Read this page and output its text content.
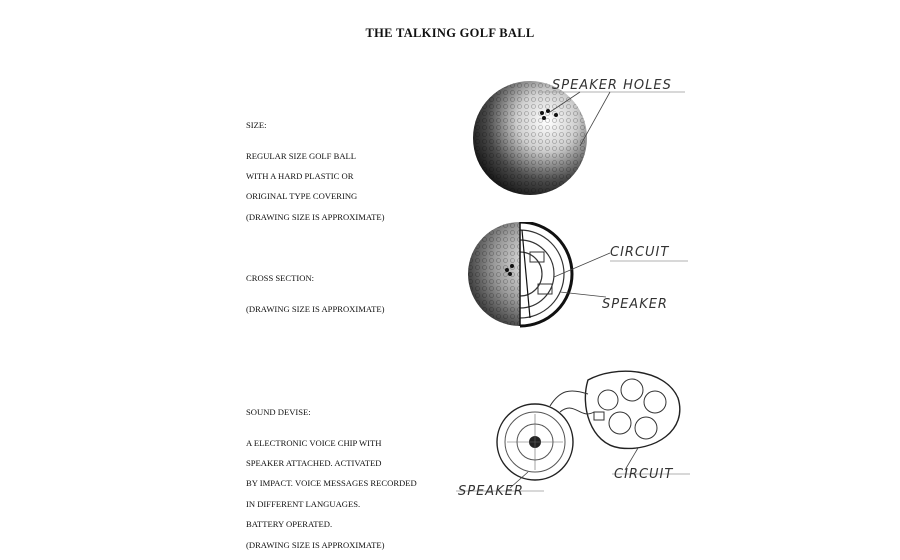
THE TALKING GOLF BALL

SIZE:

REGULAR SIZE GOLF BALL

WITH A HARD PLASTIC OR

ORIGINAL TYPE COVERING

(DRAWING SIZE IS APPROXIMATE)

CROSS SECTION:

(DRAWING SIZE IS APPROXIMATE)

SOUND DEVISE:

A ELECTRONIC VOICE CHIP WITH

SPEAKER ATTACHED. ACTIVATED

BY IMPACT. VOICE MESSAGES RECORDED

IN DIFFERENT LANGUAGES.

BATTERY OPERATED.

(DRAWING SIZE IS APPROXIMATE)

SPEAKER HOLES
CIRCUIT
SPEAKER
CIRCUIT
SPEAKER
